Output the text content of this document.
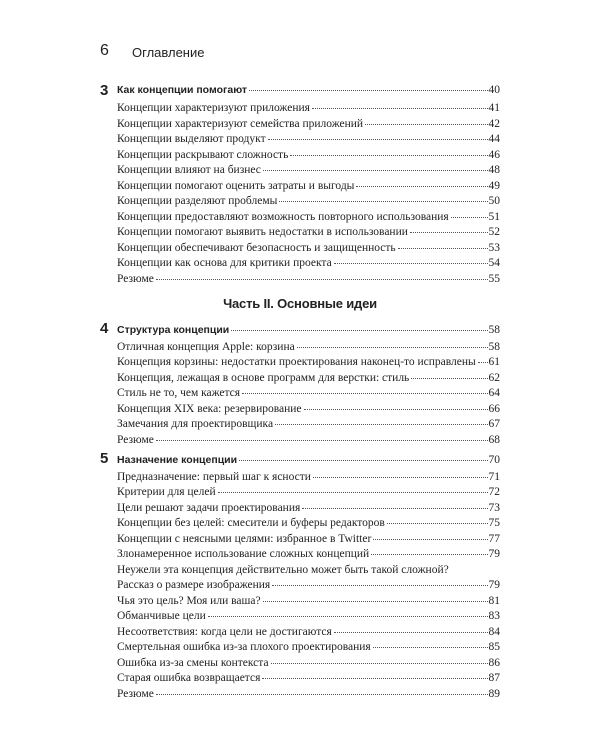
6 Оглавление
3 Как концепции помогают	40
Концепции характеризуют приложения	41
Концепции характеризуют семейства приложений	42
Концепции выделяют продукт	44
Концепции раскрывают сложность	46
Концепции влияют на бизнес	48
Концепции помогают оценить затраты и выгоды	49
Концепции разделяют проблемы	50
Концепции предоставляют возможность повторного использования	51
Концепции помогают выявить недостатки в использовании	52
Концепции обеспечивают безопасность и защищенность	53
Концепции как основа для критики проекта	54
Резюме	55
Часть II. Основные идеи
4 Структура концепции	58
Отличная концепция Apple: корзина	58
Концепция корзины: недостатки проектирования наконец-то исправлены 61
Концепция, лежащая в основе программ для верстки: стиль	62
Стиль не то, чем кажется	64
Концепция XIX века: резервирование	66
Замечания для проектировщика	67
Резюме	68
5 Назначение концепции	70
Предназначение: первый шаг к ясности	71
Критерии для целей	72
Цели решают задачи проектирования	73
Концепции без целей: смесители и буферы редакторов	75
Концепции с неясными целями: избранное в Twitter	77
Злонамеренное использование сложных концепций	79
Неужели эта концепция действительно может быть такой сложной?
Рассказ о размере изображения	79
Чья это цель? Моя или ваша?	81
Обманчивые цели	83
Несоответствия: когда цели не достигаются	84
Смертельная ошибка из-за плохого проектирования	85
Ошибка из-за смены контекста	86
Старая ошибка возвращается	87
Резюме	89
